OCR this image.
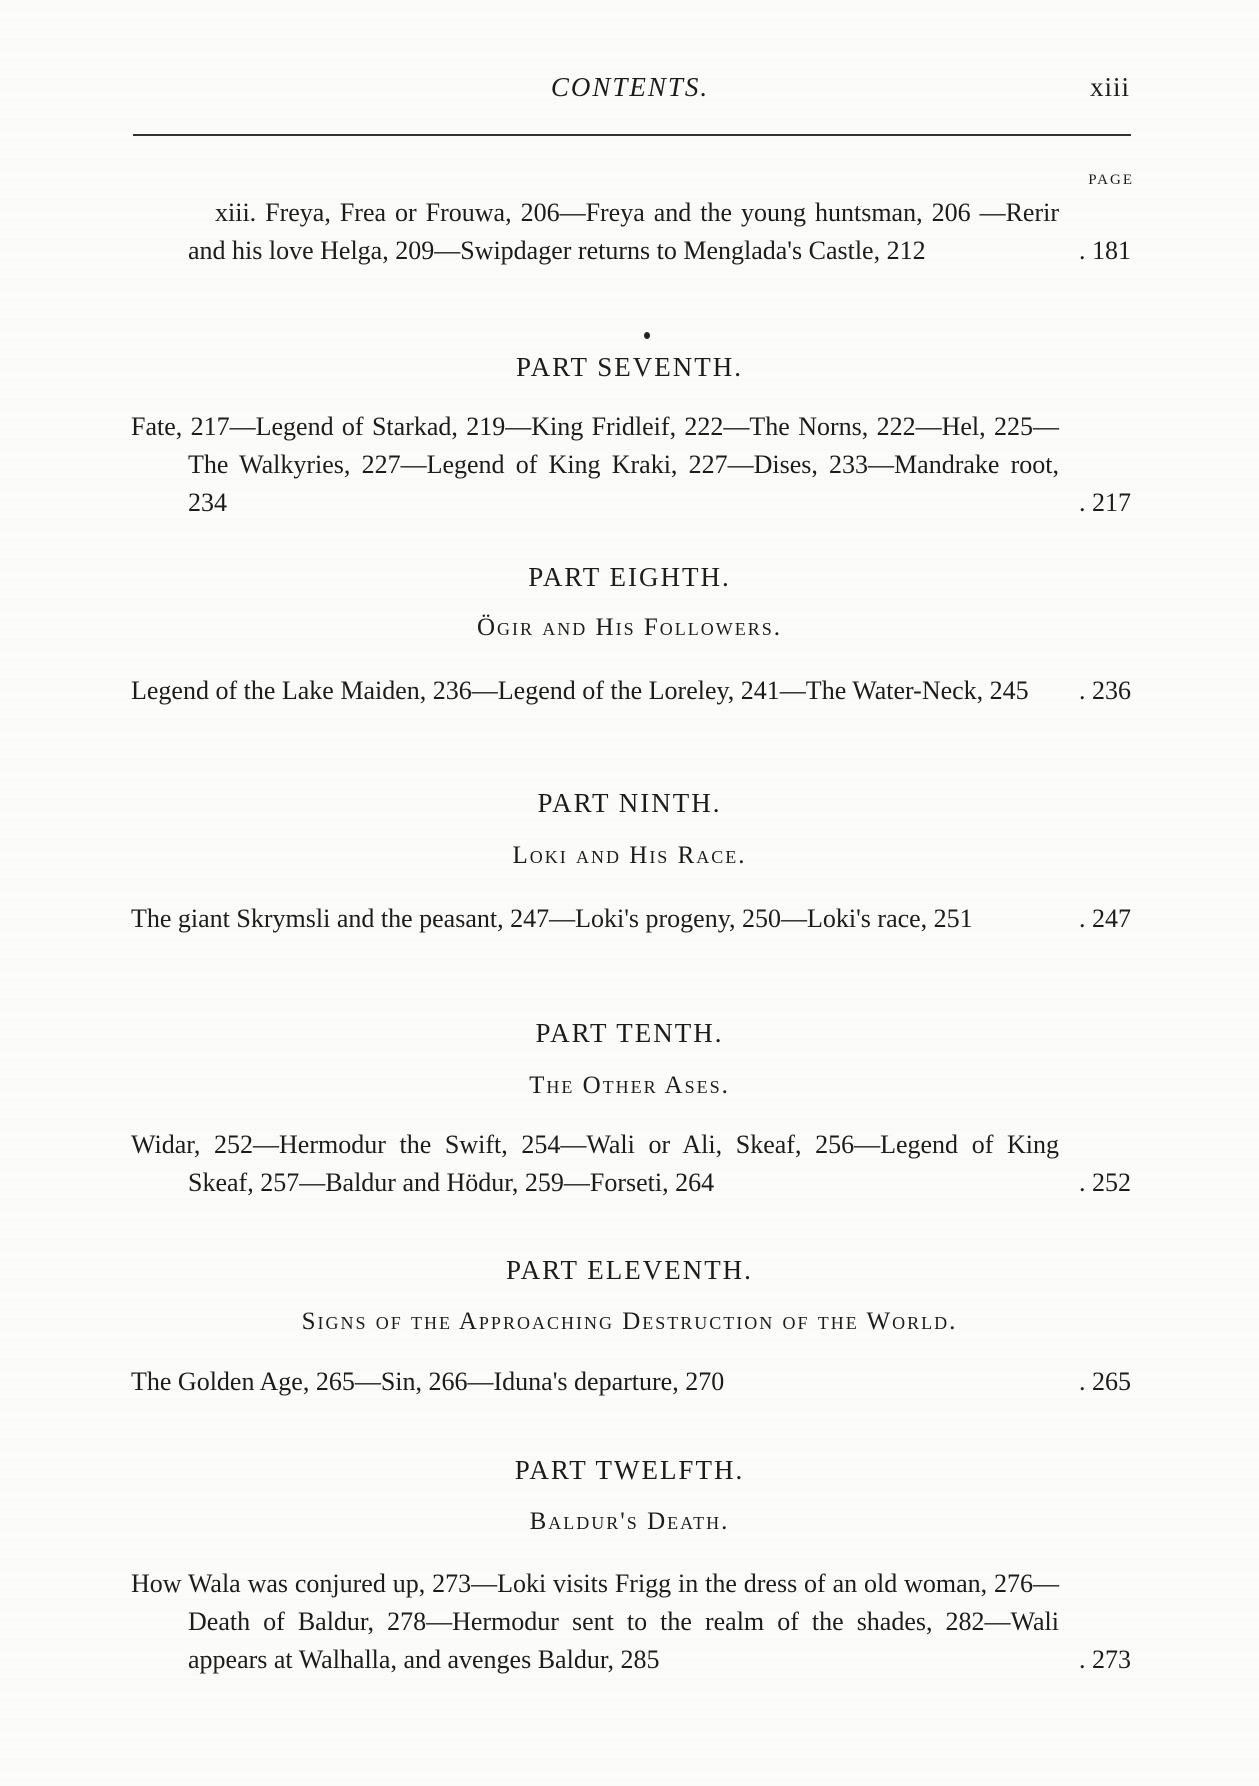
CONTENTS.	xiii
PAGE
xiii. Freya, Frea or Frouwa, 206—Freya and the young huntsman, 206 —Rerir and his love Helga, 209—Swipdager returns to Menglada's Castle, 212	. 181
PART SEVENTH.
Fate, 217—Legend of Starkad, 219—King Fridleif, 222—The Norns, 222—Hel, 225—The Walkyries, 227—Legend of King Kraki, 227—Dises, 233—Mandrake root, 234	. 217
PART EIGHTH.
Ögir and His Followers.
Legend of the Lake Maiden, 236—Legend of the Loreley, 241—The Water-Neck, 245	. 236
PART NINTH.
Loki and His Race.
The giant Skrymsli and the peasant, 247—Loki's progeny, 250—Loki's race, 251	. 247
PART TENTH.
The Other Ases.
Widar, 252—Hermodur the Swift, 254—Wali or Ali, Skeaf, 256—Legend of King Skeaf, 257—Baldur and Hödur, 259—Forseti, 264	. 252
PART ELEVENTH.
Signs of the Approaching Destruction of the World.
The Golden Age, 265—Sin, 266—Iduna's departure, 270	. 265
PART TWELFTH.
Baldur's Death.
How Wala was conjured up, 273—Loki visits Frigg in the dress of an old woman, 276—Death of Baldur, 278—Hermodur sent to the realm of the shades, 282—Wali appears at Walhalla, and avenges Baldur, 285	. 273
